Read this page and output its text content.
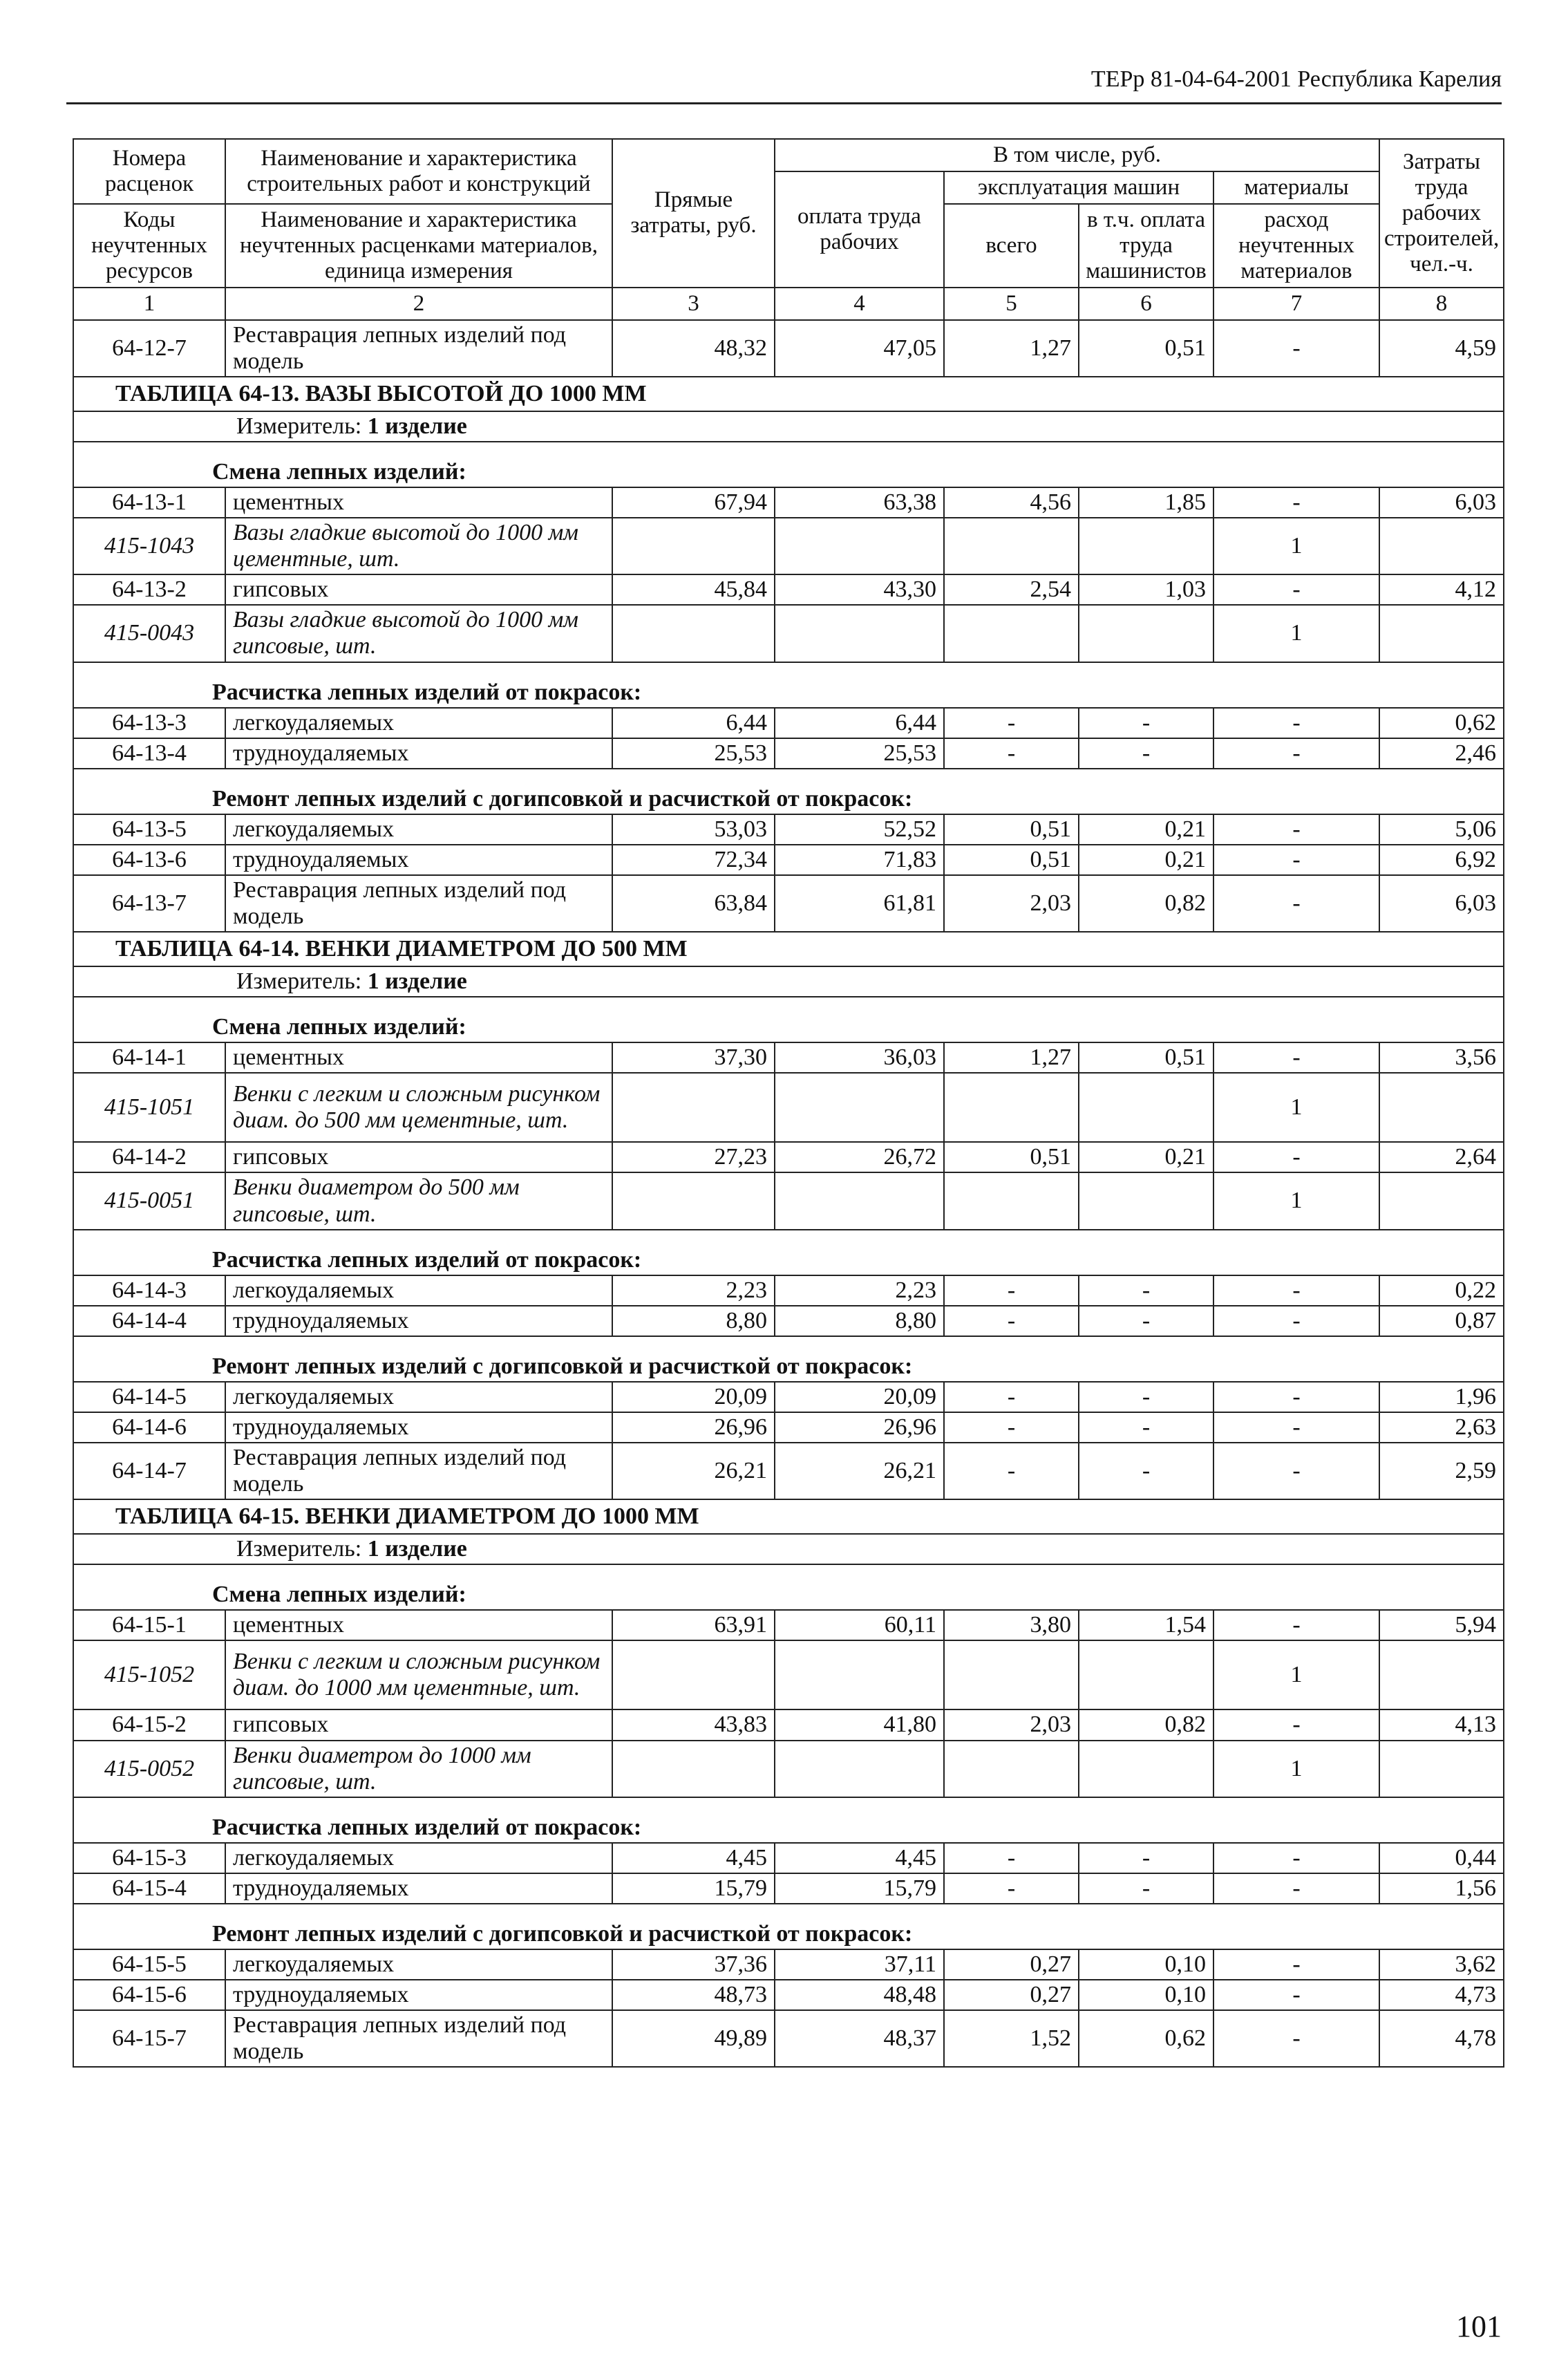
ТЕРр 81-04-64-2001 Республика Карелия
Номера расценок	Наименование и характеристика строительных работ и конструкций	Прямые затраты, руб.	В том числе, руб.				Затраты труда рабочих строителей, чел.-ч.
			оплата труда рабочих	эксплуатация машин		материалы	
Коды неучтенных ресурсов	Наименование и характеристика неучтенных расценками материалов, единица измерения			всего	в т.ч. оплата труда машинистов	расход неучтенных материалов	

1	2	3	4	5	6	7	8
64-12-7	Реставрация лепных изделий под модель	48,32	47,05	1,27	0,51	-	4,59
ТАБЛИЦА 64-13. ВАЗЫ ВЫСОТОЙ ДО 1000 ММ							
Измеритель: 1 изделие							
Смена лепных изделий:							
64-13-1	цементных	67,94	63,38	4,56	1,85	-	6,03
415-1043	Вазы гладкие высотой до 1000 мм цементные, шт.					1	
64-13-2	гипсовых	45,84	43,30	2,54	1,03	-	4,12
415-0043	Вазы гладкие высотой до 1000 мм гипсовые, шт.					1	
Расчистка лепных изделий от покрасок:							
64-13-3	легкоудаляемых	6,44	6,44	-	-	-	0,62
64-13-4	трудноудаляемых	25,53	25,53	-	-	-	2,46
Ремонт лепных изделий с догипсовкой и расчисткой от покрасок:							
64-13-5	легкоудаляемых	53,03	52,52	0,51	0,21	-	5,06
64-13-6	трудноудаляемых	72,34	71,83	0,51	0,21	-	6,92
64-13-7	Реставрация лепных изделий под модель	63,84	61,81	2,03	0,82	-	6,03
ТАБЛИЦА 64-14. ВЕНКИ ДИАМЕТРОМ ДО 500 ММ							
Измеритель: 1 изделие							
Смена лепных изделий:							
64-14-1	цементных	37,30	36,03	1,27	0,51	-	3,56
415-1051	Венки с легким и сложным рисунком диам. до 500 мм цементные, шт.					1	
64-14-2	гипсовых	27,23	26,72	0,51	0,21	-	2,64
415-0051	Венки диаметром до 500 мм гипсовые, шт.					1	
Расчистка лепных изделий от покрасок:							
64-14-3	легкоудаляемых	2,23	2,23	-	-	-	0,22
64-14-4	трудноудаляемых	8,80	8,80	-	-	-	0,87
Ремонт лепных изделий с догипсовкой и расчисткой от покрасок:							
64-14-5	легкоудаляемых	20,09	20,09	-	-	-	1,96
64-14-6	трудноудаляемых	26,96	26,96	-	-	-	2,63
64-14-7	Реставрация лепных изделий под модель	26,21	26,21	-	-	-	2,59
ТАБЛИЦА 64-15. ВЕНКИ ДИАМЕТРОМ ДО 1000 ММ							
Измеритель: 1 изделие							
Смена лепных изделий:							
64-15-1	цементных	63,91	60,11	3,80	1,54	-	5,94
415-1052	Венки с легким и сложным рисунком диам. до 1000 мм цементные, шт.					1	
64-15-2	гипсовых	43,83	41,80	2,03	0,82	-	4,13
415-0052	Венки диаметром до 1000 мм гипсовые, шт.					1	
Расчистка лепных изделий от покрасок:							
64-15-3	легкоудаляемых	4,45	4,45	-	-	-	0,44
64-15-4	трудноудаляемых	15,79	15,79	-	-	-	1,56
Ремонт лепных изделий с догипсовкой и расчисткой от покрасок:							
64-15-5	легкоудаляемых	37,36	37,11	0,27	0,10	-	3,62
64-15-6	трудноудаляемых	48,73	48,48	0,27	0,10	-	4,73
64-15-7	Реставрация лепных изделий под модель	49,89	48,37	1,52	0,62	-	4,78
101
